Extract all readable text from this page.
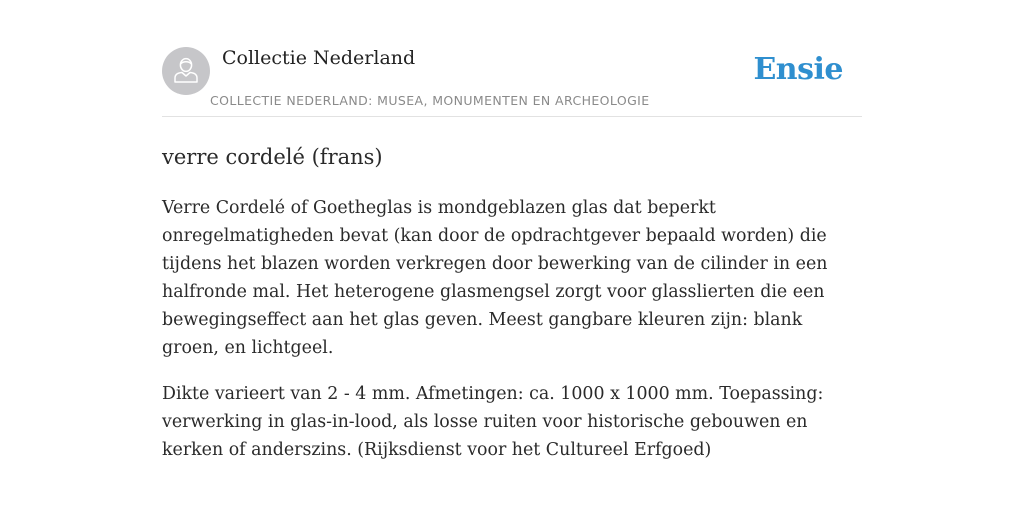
Collectie Nederland
COLLECTIE NEDERLAND: MUSEA, MONUMENTEN EN ARCHEOLOGIE
Ensie
verre cordelé (frans)

Verre Cordelé of Goetheglas is mondgeblazen glas dat beperkt onregelmatigheden bevat (kan door de opdrachtgever bepaald worden) die tijdens het blazen worden verkregen door bewerking van de cilinder in een halfronde mal. Het heterogene glasmengsel zorgt voor glasslierten die een bewegingseffect aan het glas geven. Meest gangbare kleuren zijn: blank groen, en lichtgeel.

Dikte varieert van 2 - 4 mm. Afmetingen: ca. 1000 x 1000 mm. Toepassing: verwerking in glas-in-lood, als losse ruiten voor historische gebouwen en kerken of anderszins. (Rijksdienst voor het Cultureel Erfgoed)
